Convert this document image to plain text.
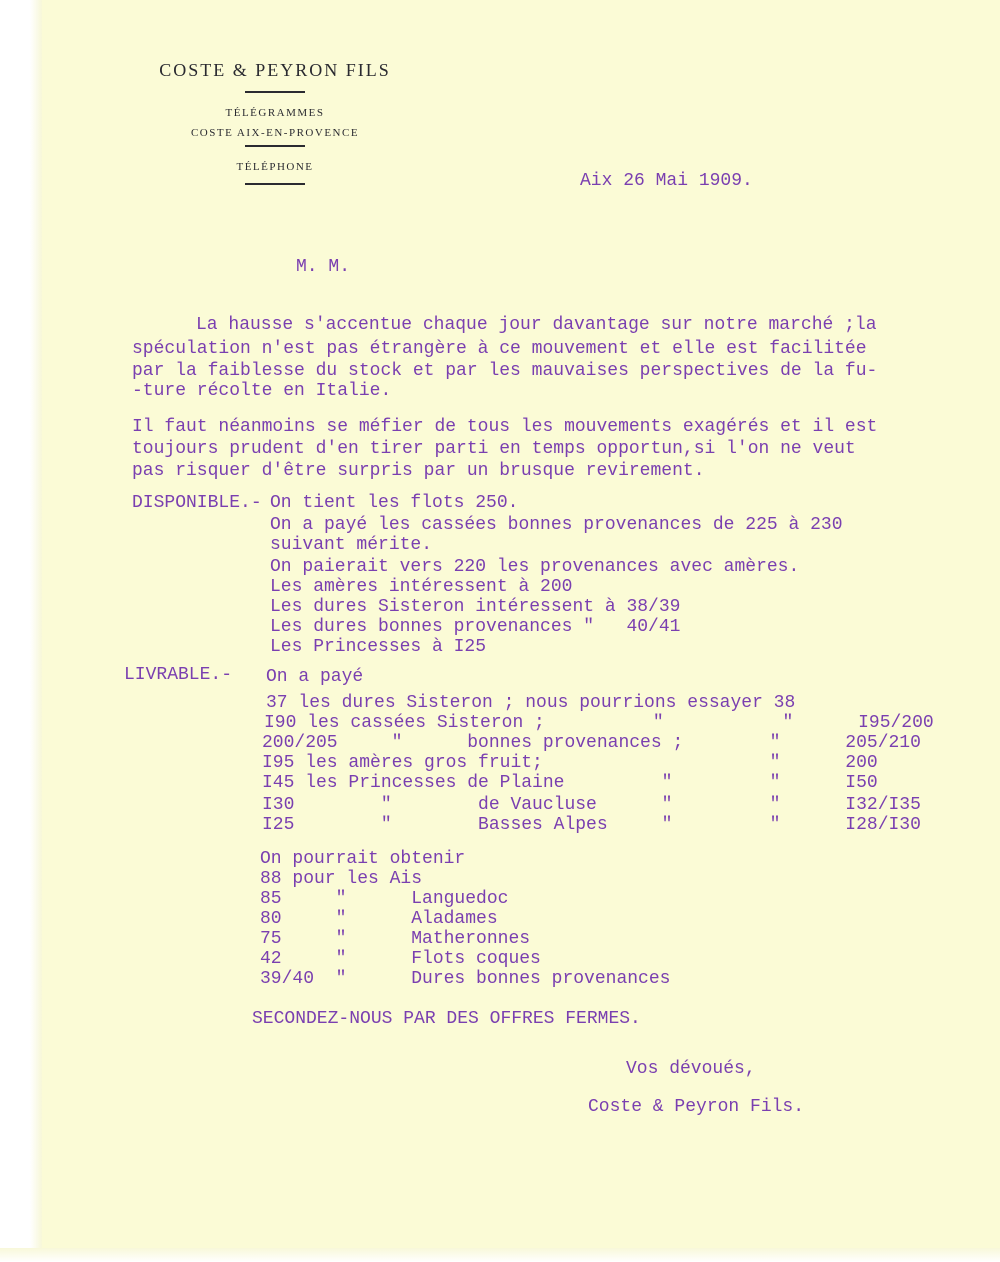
COSTE & PEYRON FILS
TÉLÉGRAMMES
COSTE AIX-EN-PROVENCE
TÉLÉPHONE
Aix 26 Mai 1909.
M. M.
La hausse s'accentue chaque jour davantage sur notre marché ;la
spéculation n'est pas étrangère à ce mouvement et elle est facilitée
par la faiblesse du stock et par les mauvaises perspectives de la fu-
-ture récolte en Italie.
Il faut néanmoins se méfier de tous les mouvements exagérés et il est
toujours prudent d'en tirer parti en temps opportun,si l'on ne veut
pas risquer d'être surpris par un brusque revirement.
DISPONIBLE.- On tient les flots 250.
On a payé les cassées bonnes provenances de 225 à 230
suivant mérite.
On paierait vers 220 les provenances avec amères.
Les amères intéressent à 200
Les dures Sisteron intéressent à 38/39
Les dures bonnes provenances "   40/41
Les Princesses à I25
LIVRABLE.- On a payé
37 les dures Sisteron ; nous pourrions essayer 38
I90 les cassées Sisteron ;          "           "      I95/200
200/205     "      bonnes provenances ;        "      205/210
I95 les amères gros fruit;                     "      200
I45 les Princesses de Plaine         "         "      I50
I30        "        de Vaucluse      "         "      I32/I35
I25        "        Basses Alpes     "         "      I28/I30
On pourrait obtenir
88 pour les Ais
85     "      Languedoc
80     "      Aladames
75     "      Matheronnes
42     "      Flots coques
39/40  "      Dures bonnes provenances
SECONDEZ-NOUS PAR DES OFFRES FERMES.
Vos dévoués,
Coste & Peyron Fils.
